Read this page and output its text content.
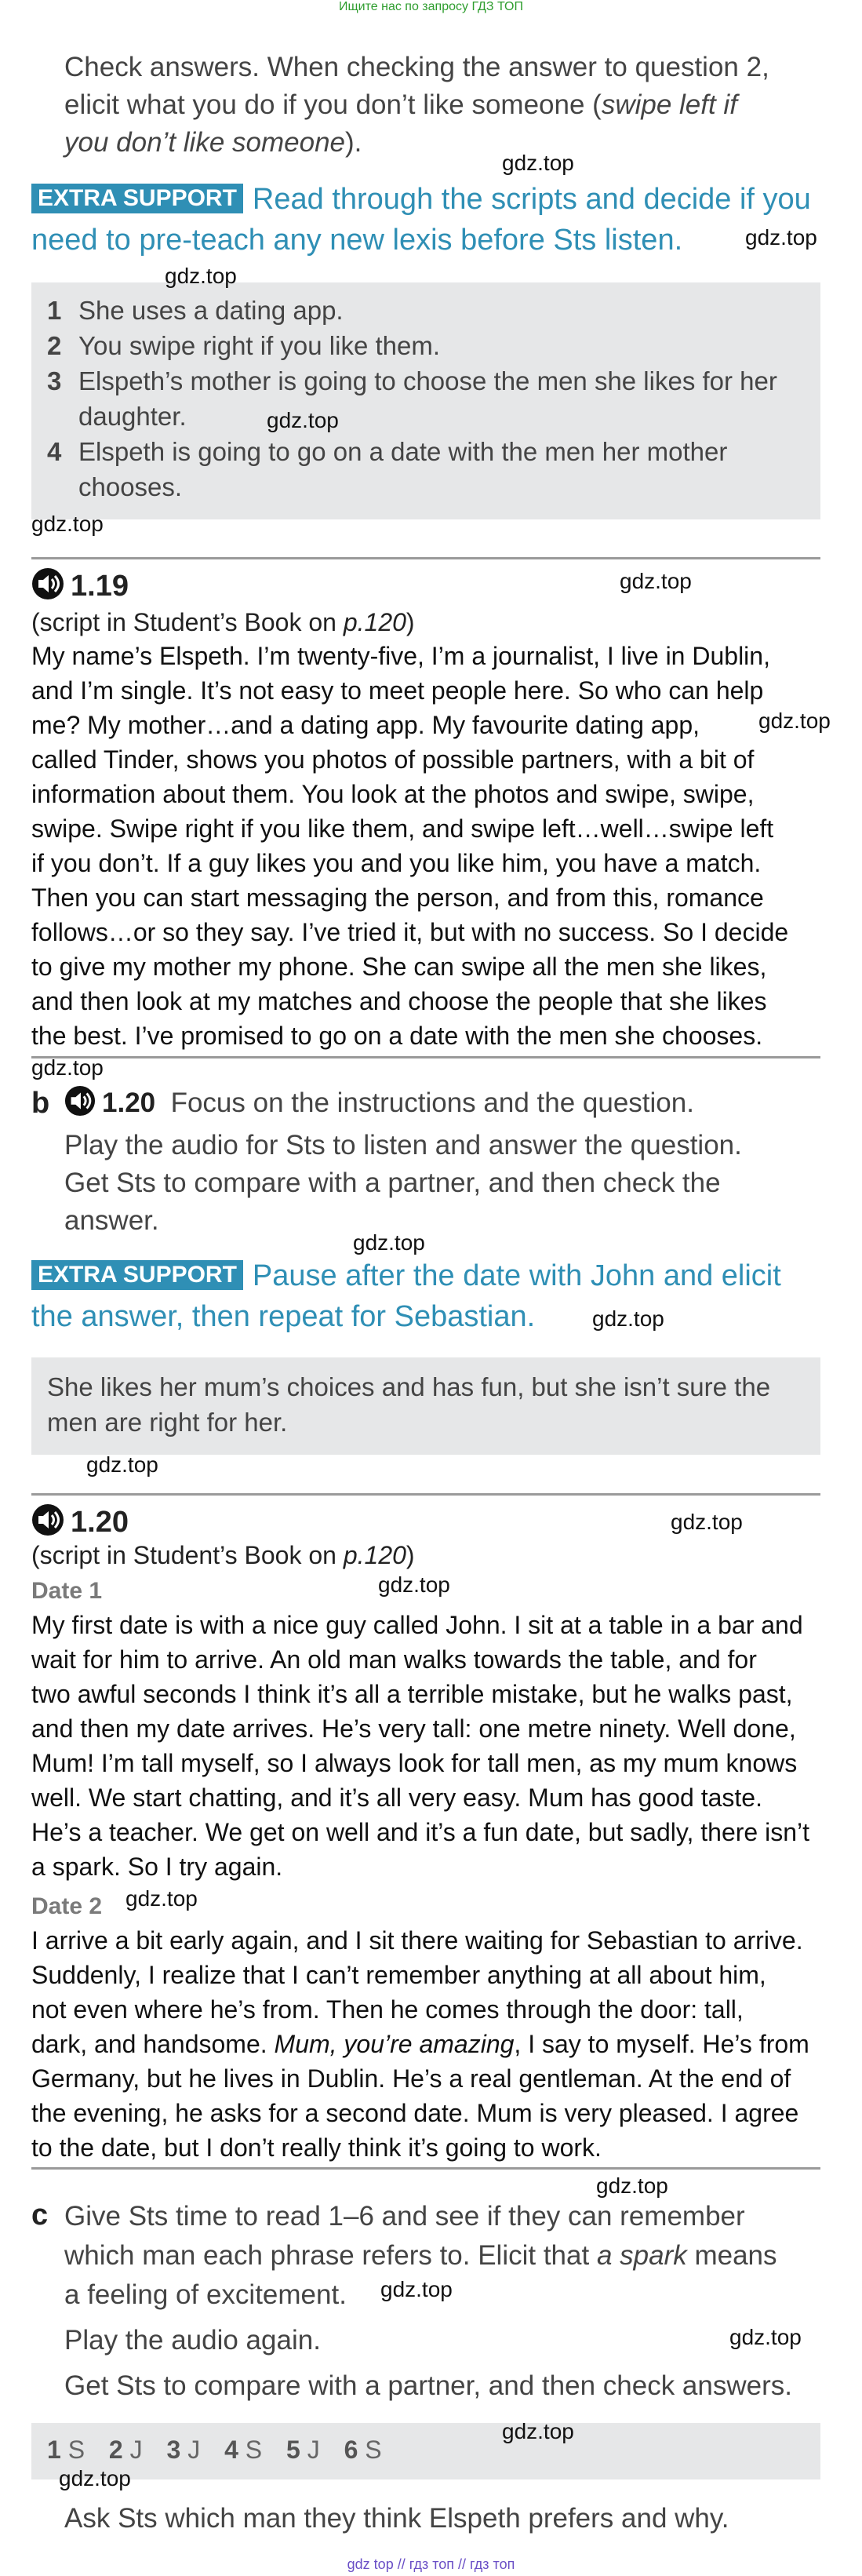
Ищите нас по запросу ГДЗ ТОП
Check answers. When checking the answer to question 2,
elicit what you do if you don’t like someone (swipe left if
you don’t like someone).
EXTRA SUPPORT Read through the scripts and decide if you
need to pre-teach any new lexis before Sts listen.
1 She uses a dating app.
2 You swipe right if you like them.
3 Elspeth’s mother is going to choose the men she likes for her
daughter.
4 Elspeth is going to go on a date with the men her mother
chooses.
1.19
(script in Student’s Book on p.120)
My name’s Elspeth. I’m twenty-five, I’m a journalist, I live in Dublin,
and I’m single. It’s not easy to meet people here. So who can help
me? My mother…and a dating app. My favourite dating app,
called Tinder, shows you photos of possible partners, with a bit of
information about them. You look at the photos and swipe, swipe,
swipe. Swipe right if you like them, and swipe left…well…swipe left
if you don’t. If a guy likes you and you like him, you have a match.
Then you can start messaging the person, and from this, romance
follows…or so they say. I’ve tried it, but with no success. So I decide
to give my mother my phone. She can swipe all the men she likes,
and then look at my matches and choose the people that she likes
the best. I’ve promised to go on a date with the men she chooses.
b	1.20 Focus on the instructions and the question.
Play the audio for Sts to listen and answer the question.
Get Sts to compare with a partner, and then check the
answer.
EXTRA SUPPORT Pause after the date with John and elicit
the answer, then repeat for Sebastian.
She likes her mum’s choices and has fun, but she isn’t sure the
men are right for her.
1.20
(script in Student’s Book on p.120)
Date 1
My first date is with a nice guy called John. I sit at a table in a bar and
wait for him to arrive. An old man walks towards the table, and for
two awful seconds I think it’s all a terrible mistake, but he walks past,
and then my date arrives. He’s very tall: one metre ninety. Well done,
Mum! I’m tall myself, so I always look for tall men, as my mum knows
well. We start chatting, and it’s all very easy. Mum has good taste.
He’s a teacher. We get on well and it’s a fun date, but sadly, there isn’t
a spark. So I try again.
Date 2
I arrive a bit early again, and I sit there waiting for Sebastian to arrive.
Suddenly, I realize that I can’t remember anything at all about him,
not even where he’s from. Then he comes through the door: tall,
dark, and handsome. Mum, you’re amazing, I say to myself. He’s from
Germany, but he lives in Dublin. He’s a real gentleman. At the end of
the evening, he asks for a second date. Mum is very pleased. I agree
to the date, but I don’t really think it’s going to work.
c Give Sts time to read 1–6 and see if they can remember
which man each phrase refers to. Elicit that a spark means
a feeling of excitement.
Play the audio again.
Get Sts to compare with a partner, and then check answers.
1 S 2 J 3 J 4 S 5 J 6 S
Ask Sts which man they think Elspeth prefers and why.
gdz.top
gdz.top
gdz.top
gdz.top
gdz.top
gdz.top
gdz.top
gdz.top
gdz.top
gdz.top
gdz.top
gdz.top
gdz.top
gdz.top
gdz.top
gdz.top
gdz.top
gdz.top
gdz.top
gdz top // гдз топ // гдз топ
